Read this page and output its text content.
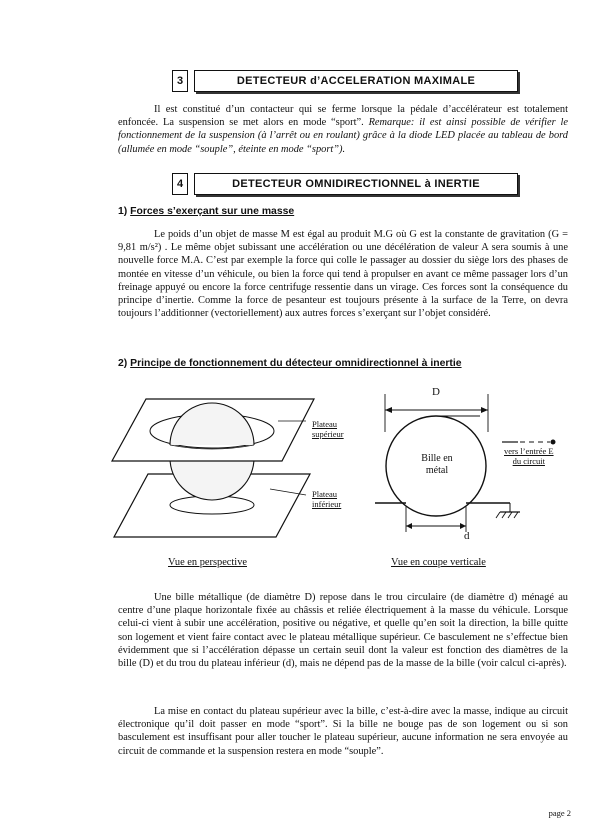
3	DETECTEUR d’ACCELERATION MAXIMALE

Il est constitué d’un contacteur qui se ferme lorsque la pédale d’accélérateur est totalement enfoncée. La suspension se met alors en mode “sport”. Remarque: il est ainsi possible de vérifier le fonctionnement de la suspension (à l’arrêt ou en roulant) grâce à la diode LED placée au tableau de bord (allumée en mode “souple”, éteinte en mode “sport”).

4	DETECTEUR OMNIDIRECTIONNEL à INERTIE
1) Forces s’exerçant sur une masse

Le poids d’un objet de masse M est égal au produit M.G où G est la constante de gravitation (G = 9,81 m/s²) . Le même objet subissant une accélération ou une décélération de valeur A sera soumis à une nouvelle force M.A. C’est par exemple la force qui colle le passager au dossier du siège lors des phases de montée en vitesse d’un véhicule, ou bien la force qui tend à propulser en avant ce même passager lors d’un freinage appuyé ou encore la force centrifuge ressentie dans un virage. Ces forces sont la conséquence du principe d’inertie. Comme la force de pesanteur est toujours présente à la surface de la Terre, on devra toujours l’additionner (vectoriellement) aux autres forces s’exerçant sur l’objet considéré.

2) Principe de fonctionnement du détecteur omnidirectionnel à inertie
Plateau
supérieur
Plateau
inférieur
Vue en perspective
D
d
Bille en
métal
vers l’entrée E
du circuit
Vue en coupe verticale

Une bille métallique (de diamètre D) repose dans le trou circulaire (de diamètre d) ménagé au centre d’une plaque horizontale fixée au châssis et reliée électriquement à la masse du véhicule. Lorsque celui-ci vient à subir une accélération, positive ou négative, et quelle qu’en soit la direction, la bille quitte son logement et vient faire contact avec le plateau métallique supérieur. Ce basculement ne s’effectue bien évidemment que si l’accélération dépasse un certain seuil dont la valeur est fonction des diamètres de la bille (D) et du trou du plateau inférieur (d), mais ne dépend pas de la masse de la bille (voir calcul ci-après).

La mise en contact du plateau supérieur avec la bille, c’est-à-dire avec la masse, indique au circuit électronique qu’il doit passer en mode “sport”. Si la bille ne bouge pas de son logement ou si son basculement est insuffisant pour aller toucher le plateau supérieur, aucune information ne sera envoyée au circuit de commande et la suspension restera en mode “souple”.

page 2
